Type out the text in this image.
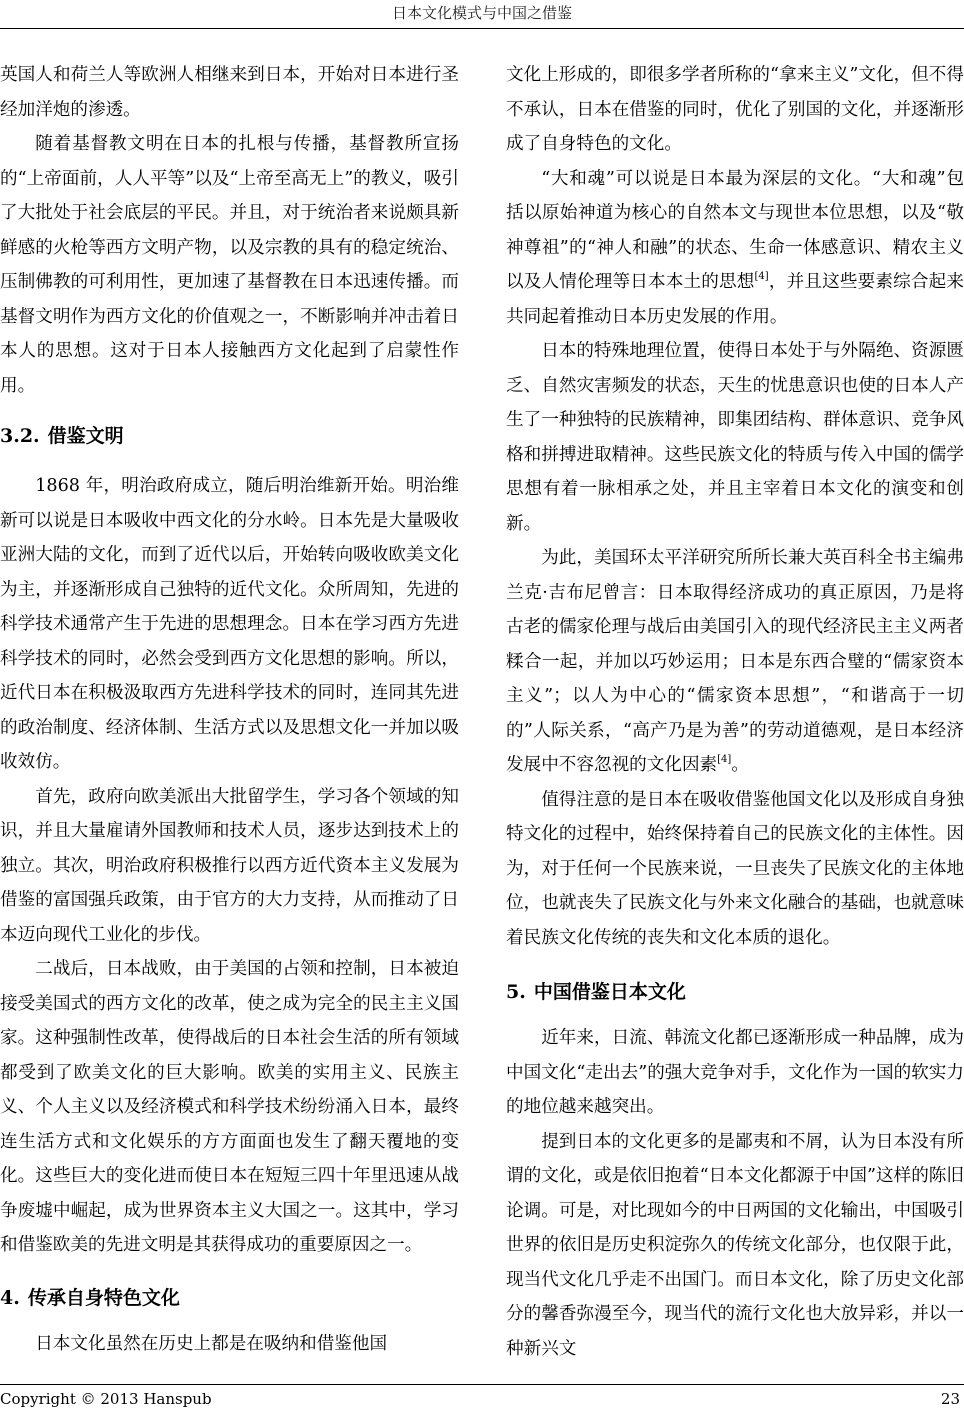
日本文化模式与中国之借鉴

英国人和荷兰人等欧洲人相继来到日本，开始对日本进行圣经加洋炮的渗透。

随着基督教文明在日本的扎根与传播，基督教所宣扬的“上帝面前，人人平等”以及“上帝至高无上”的教义，吸引了大批处于社会底层的平民。并且，对于统治者来说颇具新鲜感的火枪等西方文明产物，以及宗教的具有的稳定统治、压制佛教的可利用性，更加速了基督教在日本迅速传播。而基督文明作为西方文化的价值观之一，不断影响并冲击着日本人的思想。这对于日本人接触西方文化起到了启蒙性作用。

3.2. 借鉴文明

1868 年，明治政府成立，随后明治维新开始。明治维新可以说是日本吸收中西文化的分水岭。日本先是大量吸收亚洲大陆的文化，而到了近代以后，开始转向吸收欧美文化为主，并逐渐形成自己独特的近代文化。众所周知，先进的科学技术通常产生于先进的思想理念。日本在学习西方先进科学技术的同时，必然会受到西方文化思想的影响。所以，近代日本在积极汲取西方先进科学技术的同时，连同其先进的政治制度、经济体制、生活方式以及思想文化一并加以吸收效仿。

首先，政府向欧美派出大批留学生，学习各个领域的知识，并且大量雇请外国教师和技术人员，逐步达到技术上的独立。其次，明治政府积极推行以西方近代资本主义发展为借鉴的富国强兵政策，由于官方的大力支持，从而推动了日本迈向现代工业化的步伐。

二战后，日本战败，由于美国的占领和控制，日本被迫接受美国式的西方文化的改革，使之成为完全的民主主义国家。这种强制性改革，使得战后的日本社会生活的所有领域都受到了欧美文化的巨大影响。欧美的实用主义、民族主义、个人主义以及经济模式和科学技术纷纷涌入日本，最终连生活方式和文化娱乐的方方面面也发生了翻天覆地的变化。这些巨大的变化进而使日本在短短三四十年里迅速从战争废墟中崛起，成为世界资本主义大国之一。这其中，学习和借鉴欧美的先进文明是其获得成功的重要原因之一。

4. 传承自身特色文化

日本文化虽然在历史上都是在吸纳和借鉴他国

文化上形成的，即很多学者所称的“拿来主义”文化，但不得不承认，日本在借鉴的同时，优化了别国的文化，并逐渐形成了自身特色的文化。

“大和魂”可以说是日本最为深层的文化。“大和魂”包括以原始神道为核心的自然本文与现世本位思想，以及“敬神尊祖”的“神人和融”的状态、生命一体感意识、精农主义以及人情伦理等日本本土的思想[4]，并且这些要素综合起来共同起着推动日本历史发展的作用。

日本的特殊地理位置，使得日本处于与外隔绝、资源匮乏、自然灾害频发的状态，天生的忧患意识也使的日本人产生了一种独特的民族精神，即集团结构、群体意识、竞争风格和拼搏进取精神。这些民族文化的特质与传入中国的儒学思想有着一脉相承之处，并且主宰着日本文化的演变和创新。

为此，美国环太平洋研究所所长兼大英百科全书主编弗兰克·吉布尼曾言：日本取得经济成功的真正原因，乃是将古老的儒家伦理与战后由美国引入的现代经济民主主义两者糅合一起，并加以巧妙运用；日本是东西合璧的“儒家资本主义”；以人为中心的“儒家资本思想”，“和谐高于一切的”人际关系，“高产乃是为善”的劳动道德观，是日本经济发展中不容忽视的文化因素[4]。

值得注意的是日本在吸收借鉴他国文化以及形成自身独特文化的过程中，始终保持着自己的民族文化的主体性。因为，对于任何一个民族来说，一旦丧失了民族文化的主体地位，也就丧失了民族文化与外来文化融合的基础，也就意味着民族文化传统的丧失和文化本质的退化。

5. 中国借鉴日本文化

近年来，日流、韩流文化都已逐渐形成一种品牌，成为中国文化“走出去”的强大竞争对手，文化作为一国的软实力的地位越来越突出。

提到日本的文化更多的是鄙夷和不屑，认为日本没有所谓的文化，或是依旧抱着“日本文化都源于中国”这样的陈旧论调。可是，对比现如今的中日两国的文化输出，中国吸引世界的依旧是历史积淀弥久的传统文化部分，也仅限于此，现当代文化几乎走不出国门。而日本文化，除了历史文化部分的馨香弥漫至今，现当代的流行文化也大放异彩，并以一种新兴文

Copyright © 2013 Hanspub	23
